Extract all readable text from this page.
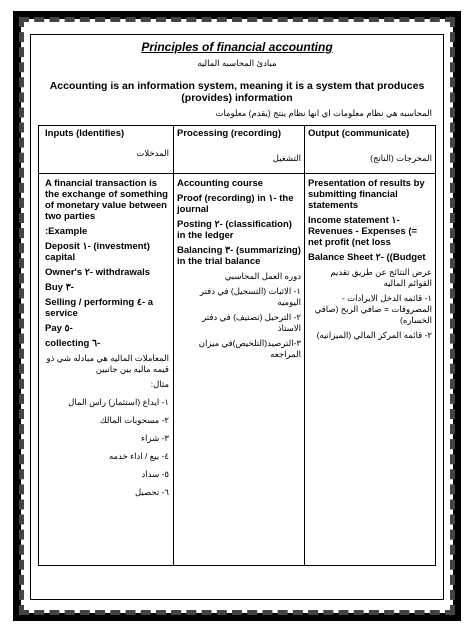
Principles of financial accounting
مبادئ المحاسبه الماليه
Accounting is an information system, meaning it is a system that produces (provides) information
المحاسبه هي نظام معلومات اي انها نظام ينتج (يقدم) معلومات
Inputs (Identifies)
المدخلات
Processing (recording)
التشغيل
Output (communicate)
المخرجات (الناتج)
A financial transaction is the exchange of something of monetary value between two parties
:Example
Deposit ١- (investment) capital
Owner's ٢- withdrawals
Buy ٣-
Selling / performing ٤- a service
Pay ٥-
collecting ٦-
المعاملات الماليه هي مبادله شي ذو قيمه ماليه بين جانبين
مثال:
١- ايداع (استثمار) راس المال
٢- مسحوبات المالك
٣- شراء
٤- بيع / اداء خدمه
٥- سداد
٦- تحصيل
Accounting course
Proof (recording) in ١- the journal
Posting ٢- (classification) in the ledger
Balancing ٣- (summarizing) in the trial balance
دوره العمل المحاسبي
١- الاثبات (التسجيل) في دفتر اليوميه
٢- الترحيل (تصنيف) في دفتر الاستاذ
٣-الترصيد(التلخيص)في ميزان المراجعه
Presentation of results by submitting financial statements
Income statement ١- Revenues - Expenses (= net profit (net loss
Balance Sheet ٢- ((Budget
عرض النتائج عن طريق تقديم القوائم الماليه
١- قائمه الدخل الايرادات - المصروفات = صافي الربح (صافي الخساره)
٢- قائمه المركز المالي (الميزانيه)
